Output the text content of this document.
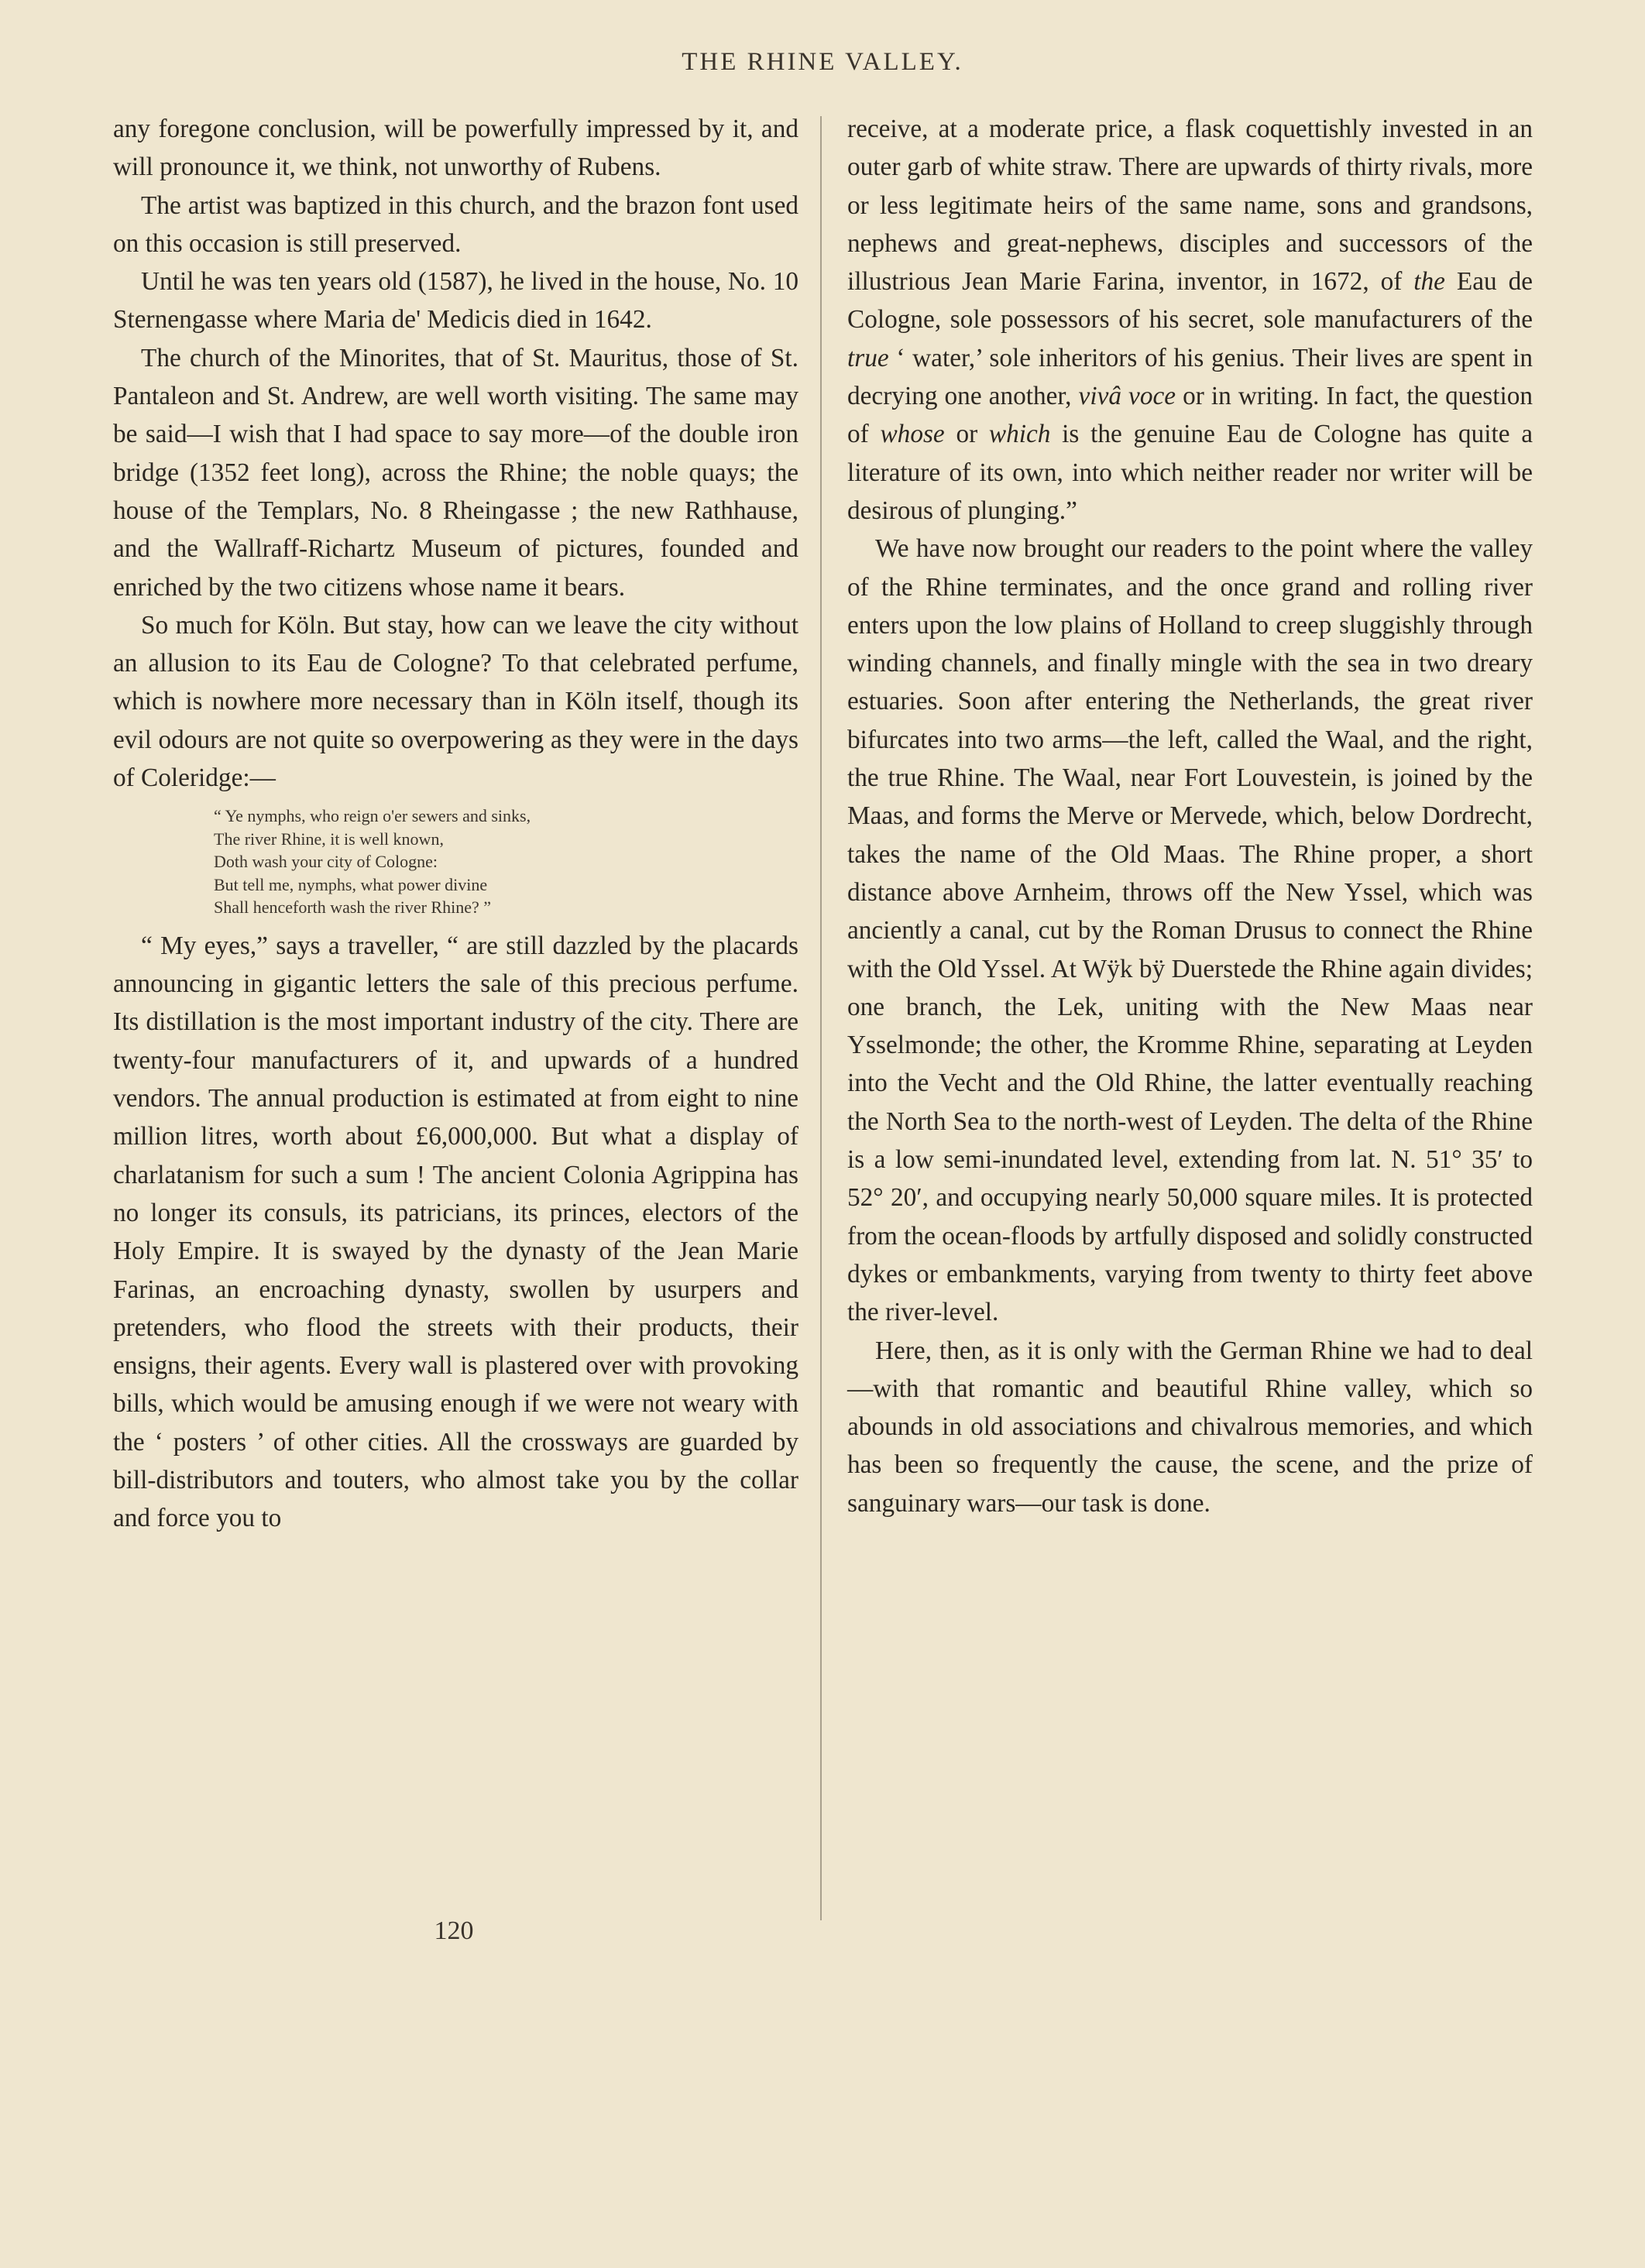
THE RHINE VALLEY.

any foregone conclusion, will be powerfully impressed by it, and will pronounce it, we think, not unworthy of Rubens.

The artist was baptized in this church, and the brazon font used on this occasion is still preserved.

Until he was ten years old (1587), he lived in the house, No. 10 Sternengasse where Maria de' Medicis died in 1642.

The church of the Minorites, that of St. Mauritus, those of St. Pantaleon and St. Andrew, are well worth visiting. The same may be said—I wish that I had space to say more—of the double iron bridge (1352 feet long), across the Rhine; the noble quays; the house of the Templars, No. 8 Rheingasse ; the new Rathhause, and the Wallraff-Richartz Museum of pictures, founded and enriched by the two citizens whose name it bears.

So much for Köln. But stay, how can we leave the city without an allusion to its Eau de Cologne? To that celebrated perfume, which is nowhere more necessary than in Köln itself, though its evil odours are not quite so overpowering as they were in the days of Coleridge:—

“ Ye nymphs, who reign o'er sewers and sinks,
The river Rhine, it is well known,
Doth wash your city of Cologne:
But tell me, nymphs, what power divine
Shall henceforth wash the river Rhine? ”

“ My eyes,” says a traveller, “ are still dazzled by the placards announcing in gigantic letters the sale of this precious perfume. Its distillation is the most important industry of the city. There are twenty-four manufacturers of it, and upwards of a hundred vendors. The annual production is estimated at from eight to nine million litres, worth about £6,000,000. But what a display of charlatanism for such a sum ! The ancient Colonia Agrippina has no longer its consuls, its patricians, its princes, electors of the Holy Empire. It is swayed by the dynasty of the Jean Marie Farinas, an encroaching dynasty, swollen by usurpers and pretenders, who flood the streets with their products, their ensigns, their agents. Every wall is plastered over with provoking bills, which would be amusing enough if we were not weary with the ‘ posters ’ of other cities. All the crossways are guarded by bill-distributors and touters, who almost take you by the collar and force you to

receive, at a moderate price, a flask coquettishly invested in an outer garb of white straw. There are upwards of thirty rivals, more or less legitimate heirs of the same name, sons and grandsons, nephews and great-nephews, disciples and successors of the illustrious Jean Marie Farina, inventor, in 1672, of the Eau de Cologne, sole possessors of his secret, sole manufacturers of the true ‘ water,’ sole inheritors of his genius. Their lives are spent in decrying one another, vivâ voce or in writing. In fact, the question of whose or which is the genuine Eau de Cologne has quite a literature of its own, into which neither reader nor writer will be desirous of plunging.”

We have now brought our readers to the point where the valley of the Rhine terminates, and the once grand and rolling river enters upon the low plains of Holland to creep sluggishly through winding channels, and finally mingle with the sea in two dreary estuaries. Soon after entering the Netherlands, the great river bifurcates into two arms—the left, called the Waal, and the right, the true Rhine. The Waal, near Fort Louvestein, is joined by the Maas, and forms the Merve or Mervede, which, below Dordrecht, takes the name of the Old Maas. The Rhine proper, a short distance above Arnheim, throws off the New Yssel, which was anciently a canal, cut by the Roman Drusus to connect the Rhine with the Old Yssel. At Wÿk bÿ Duerstede the Rhine again divides; one branch, the Lek, uniting with the New Maas near Ysselmonde; the other, the Kromme Rhine, separating at Leyden into the Vecht and the Old Rhine, the latter eventually reaching the North Sea to the north-west of Leyden. The delta of the Rhine is a low semi-inundated level, extending from lat. N. 51° 35′ to 52° 20′, and occupying nearly 50,000 square miles. It is protected from the ocean-floods by artfully disposed and solidly constructed dykes or embankments, varying from twenty to thirty feet above the river-level.

Here, then, as it is only with the German Rhine we had to deal—with that romantic and beautiful Rhine valley, which so abounds in old associations and chivalrous memories, and which has been so frequently the cause, the scene, and the prize of sanguinary wars—our task is done.

120
